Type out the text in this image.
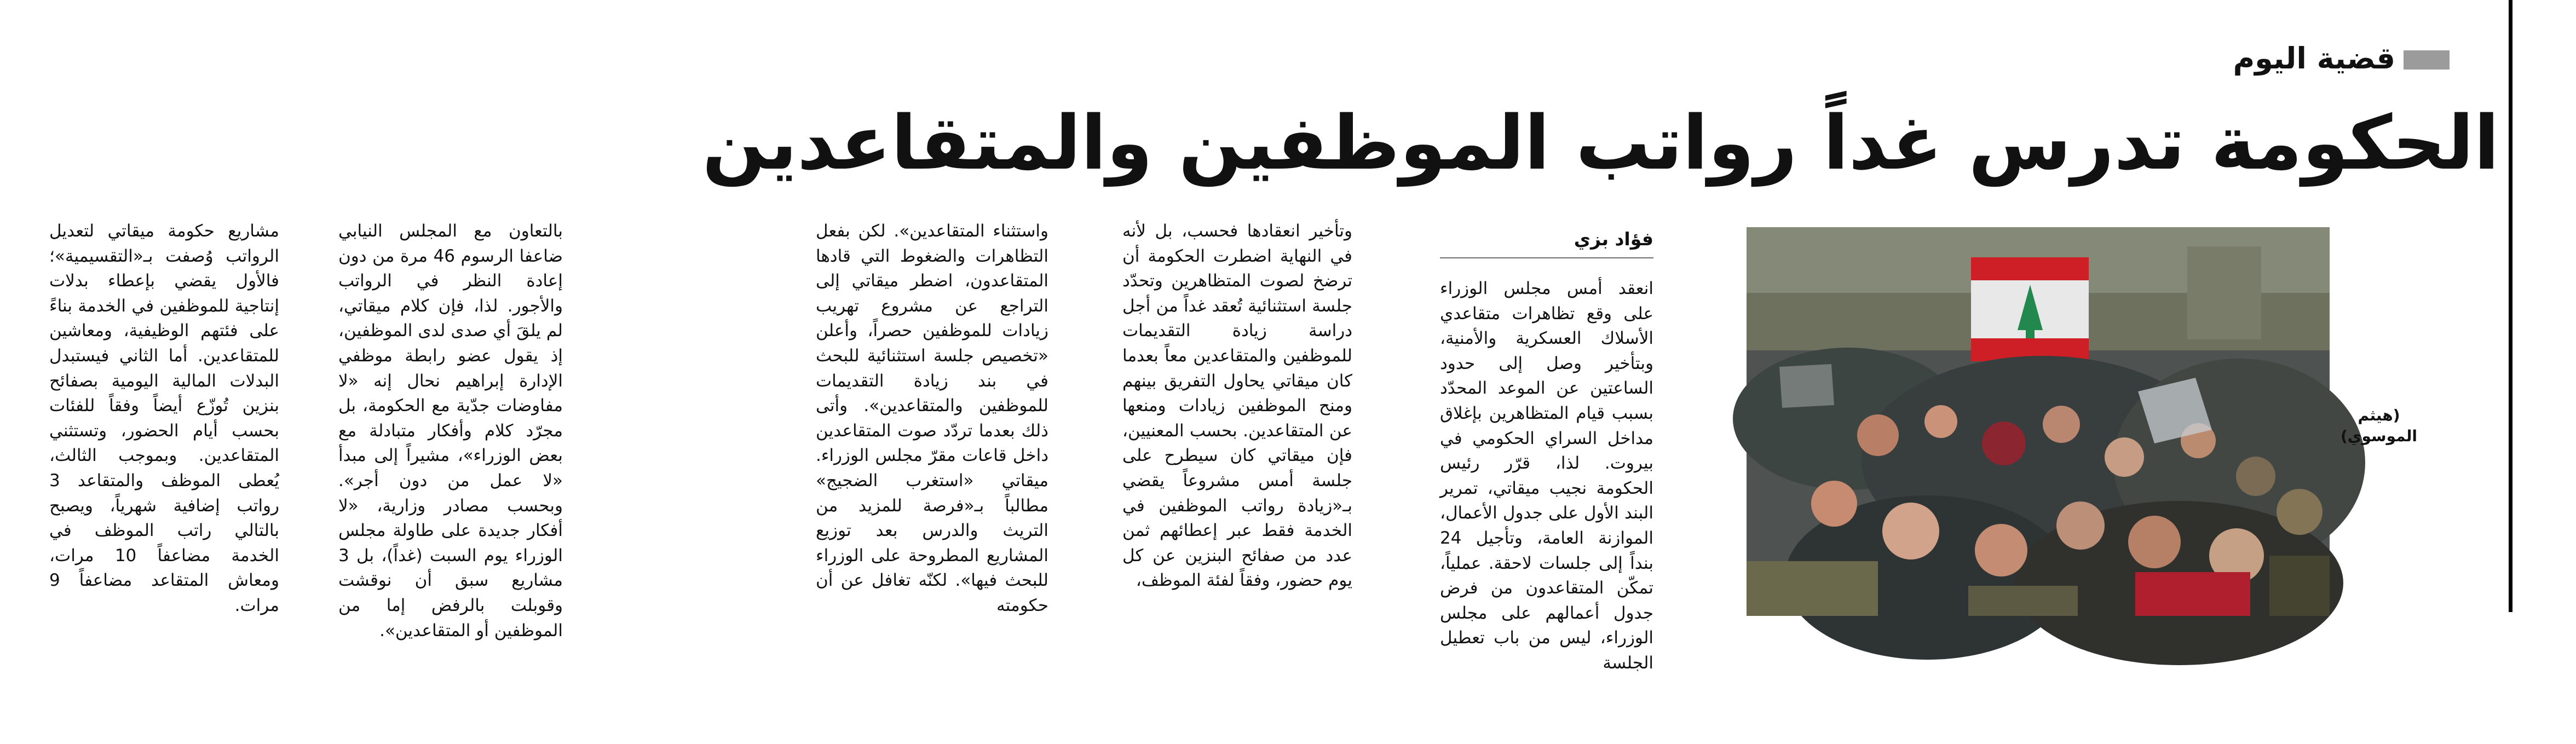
قضية اليوم
الحكومة تدرس غداً رواتب الموظفين والمتقاعدين
(هيثم الموسوي)
فؤاد بزي

انعقد أمس مجلس الوزراء على وقع تظاهرات متقاعدي الأسلاك العسكرية والأمنية، وبتأخير وصل إلى حدود الساعتين عن الموعد المحدّد بسبب قيام المتظاهرين بإغلاق مداخل السراي الحكومي في بيروت. لذا، قرّر رئيس الحكومة نجيب ميقاتي، تمرير البند الأول على جدول الأعمال، الموازنة العامة، وتأجيل 24 بنداً إلى جلسات لاحقة. عملياً، تمكّن المتقاعدون من فرض جدول أعمالهم على مجلس الوزراء، ليس من باب تعطيل الجلسة

وتأخير انعقادها فحسب، بل لأنه في النهاية اضطرت الحكومة أن ترضخ لصوت المتظاهرين وتحدّد جلسة استثنائية تُعقد غداً من أجل دراسة زيادة التقديمات للموظفين والمتقاعدين معاً بعدما كان ميقاتي يحاول التفريق بينهم ومنح الموظفين زيادات ومنعها عن المتقاعدين. بحسب المعنيين، فإن ميقاتي كان سيطرح على جلسة أمس مشروعاً يقضي بـ«زيادة رواتب الموظفين في الخدمة فقط عبر إعطائهم ثمن عدد من صفائح البنزين عن كل يوم حضور، وفقاً لفئة الموظف،

واستثناء المتقاعدين». لكن بفعل التظاهرات والضغوط التي قادها المتقاعدون، اضطر ميقاتي إلى التراجع عن مشروع تهريب زيادات للموظفين حصراً، وأعلن «تخصيص جلسة استثنائية للبحث في بند زيادة التقديمات للموظفين والمتقاعدين». وأتى ذلك بعدما تردّد صوت المتقاعدين داخل قاعات مقرّ مجلس الوزراء. ميقاتي «استغرب الضجيج» مطالباً بـ«فرصة للمزيد من التريث والدرس بعد توزيع المشاريع المطروحة على الوزراء للبحث فيها». لكنّه تغافل عن أن حكومته

بالتعاون مع المجلس النيابي ضاعفا الرسوم 46 مرة من دون إعادة النظر في الرواتب والأجور. لذا، فإن كلام ميقاتي، لم يلقَ أي صدى لدى الموظفين، إذ يقول عضو رابطة موظفي الإدارة إبراهيم نحال إنه «لا مفاوضات جدّية مع الحكومة، بل مجرّد كلام وأفكار متبادلة مع بعض الوزراء»، مشيراً إلى مبدأ «لا عمل من دون أجر». وبحسب مصادر وزارية، «لا أفكار جديدة على طاولة مجلس الوزراء يوم السبت (غداً)، بل 3 مشاريع سبق أن نوقشت وقوبلت بالرفض إما من الموظفين أو المتقاعدين».

مشاريع حكومة ميقاتي لتعديل الرواتب وُصفت بـ«التقسيمية»؛ فالأول يقضي بإعطاء بدلات إنتاجية للموظفين في الخدمة بناءً على فئتهم الوظيفية، ومعاشين للمتقاعدين. أما الثاني فيستبدل البدلات المالية اليومية بصفائح بنزين تُوزّع أيضاً وفقاً للفئات بحسب أيام الحضور، وتستثني المتقاعدين. وبموجب الثالث، يُعطى الموظف والمتقاعد 3 رواتب إضافية شهرياً، ويصبح بالتالي راتب الموظف في الخدمة مضاعفاً 10 مرات، ومعاش المتقاعد مضاعفاً 9 مرات.
